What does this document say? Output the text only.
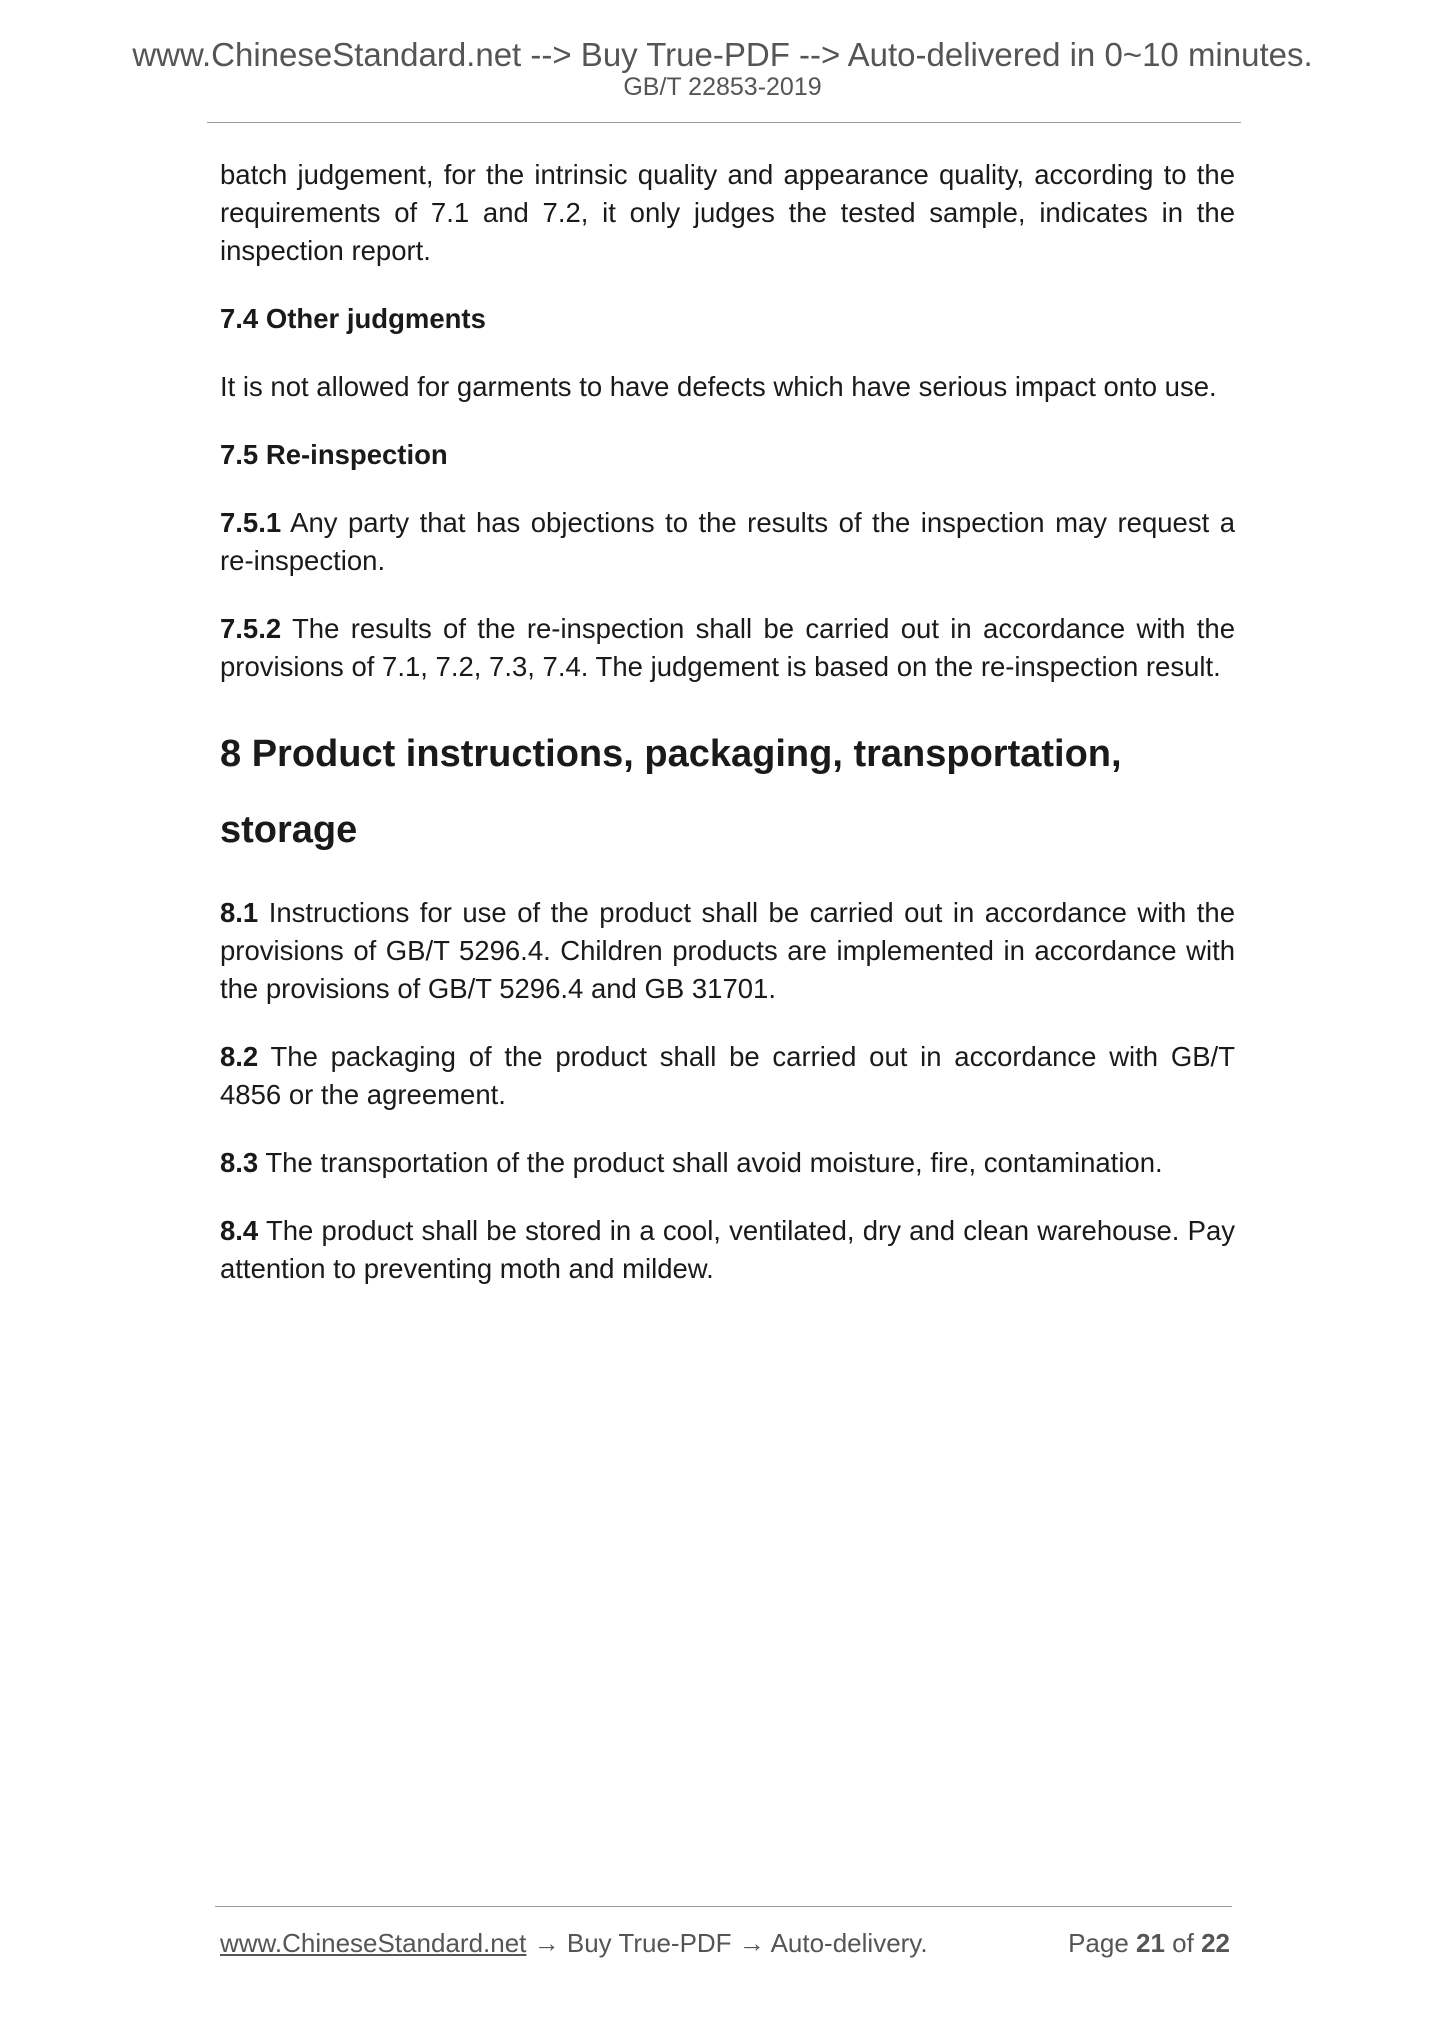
www.ChineseStandard.net --> Buy True-PDF --> Auto-delivered in 0~10 minutes.
GB/T 22853-2019

batch judgement, for the intrinsic quality and appearance quality, according to the requirements of 7.1 and 7.2, it only judges the tested sample, indicates in the inspection report.

7.4 Other judgments

It is not allowed for garments to have defects which have serious impact onto use.

7.5 Re-inspection

7.5.1 Any party that has objections to the results of the inspection may request a re-inspection.

7.5.2 The results of the re-inspection shall be carried out in accordance with the provisions of 7.1, 7.2, 7.3, 7.4. The judgement is based on the re-inspection result.

8 Product instructions, packaging, transportation,
storage

8.1 Instructions for use of the product shall be carried out in accordance with the provisions of GB/T 5296.4. Children products are implemented in accordance with the provisions of GB/T 5296.4 and GB 31701.

8.2 The packaging of the product shall be carried out in accordance with GB/T 4856 or the agreement.

8.3 The transportation of the product shall avoid moisture, fire, contamination.

8.4 The product shall be stored in a cool, ventilated, dry and clean warehouse. Pay attention to preventing moth and mildew.

www.ChineseStandard.net → Buy True-PDF → Auto-delivery.	Page 21 of 22
